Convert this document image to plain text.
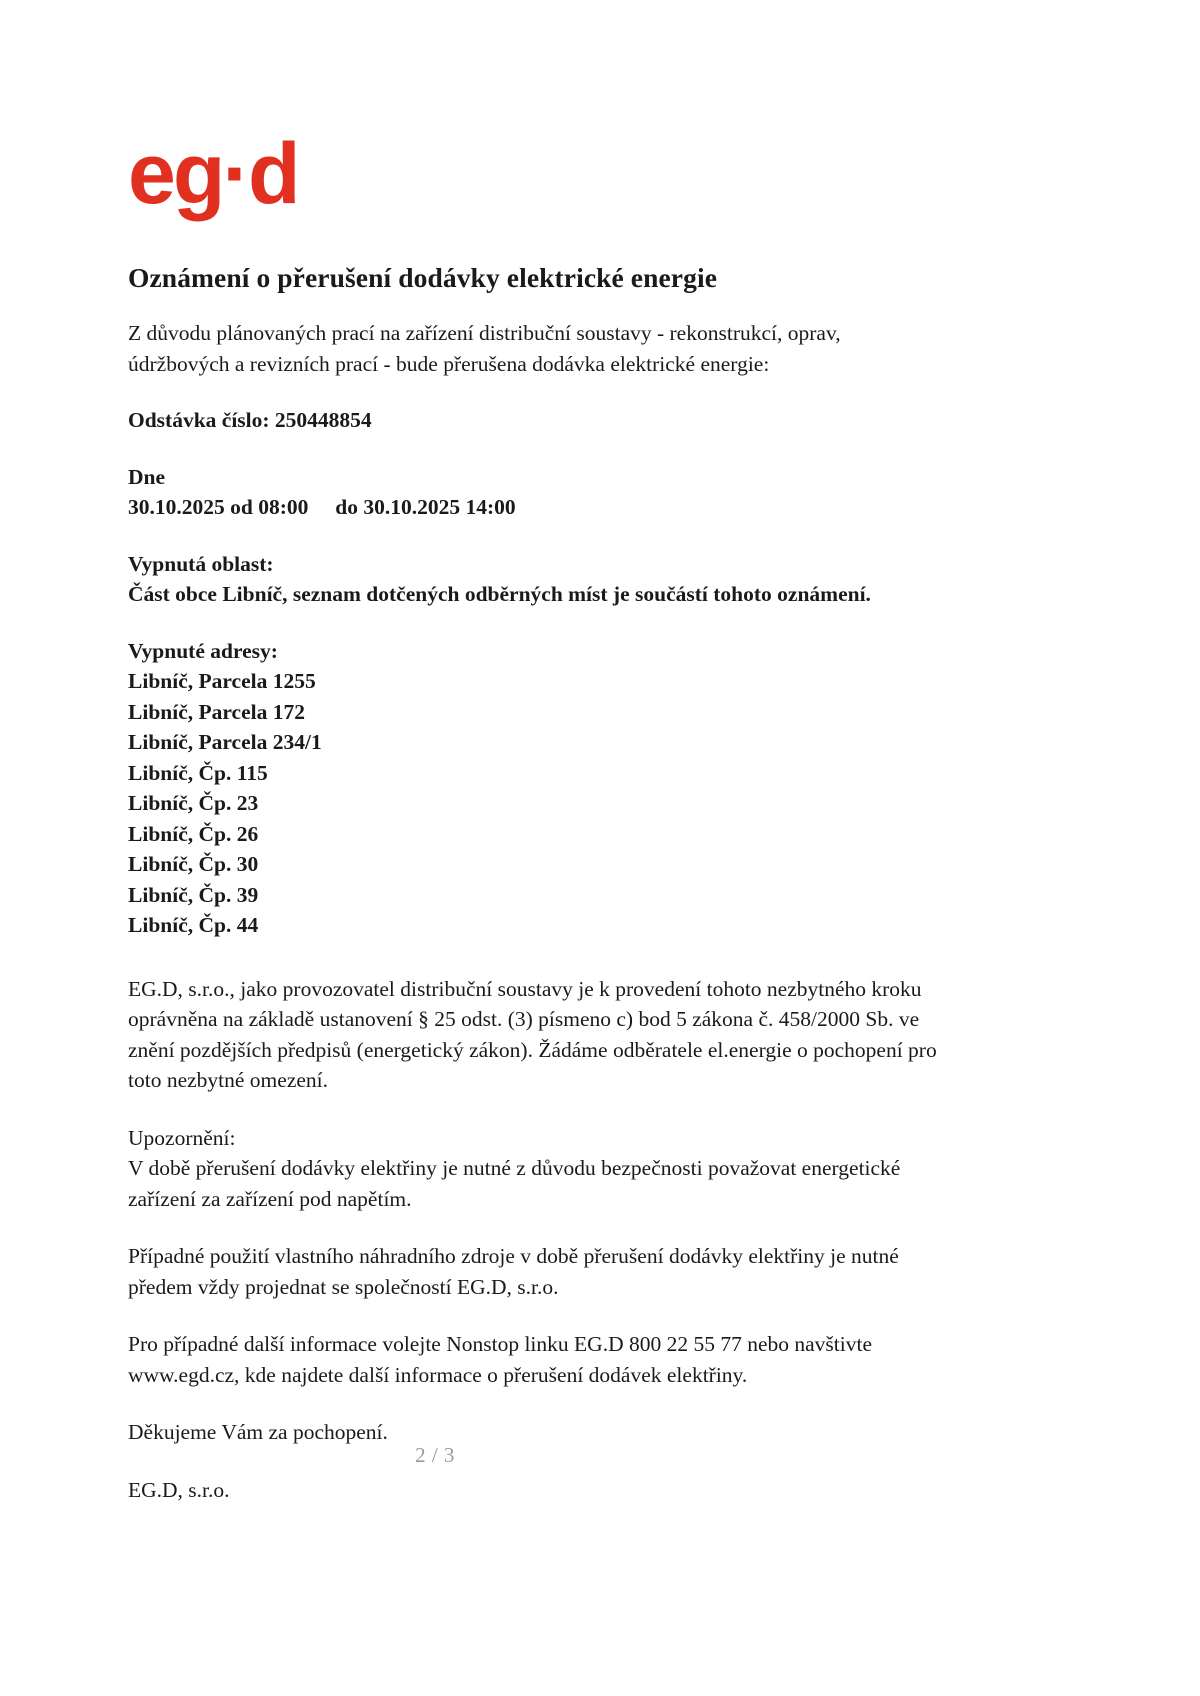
eg·d
Oznámení o přerušení dodávky elektrické energie
Z důvodu plánovaných prací na zařízení distribuční soustavy - rekonstrukcí, oprav,
údržbových a revizních prací - bude přerušena dodávka elektrické energie:
Odstávka číslo: 250448854
Dne
30.10.2025 od 08:00     do 30.10.2025 14:00
Vypnutá oblast:
Část obce Libníč, seznam dotčených odběrných míst je součástí tohoto oznámení.
Vypnuté adresy:
Libníč, Parcela 1255
Libníč, Parcela 172
Libníč, Parcela 234/1
Libníč, Čp. 115
Libníč, Čp. 23
Libníč, Čp. 26
Libníč, Čp. 30
Libníč, Čp. 39
Libníč, Čp. 44

EG.D, s.r.o., jako provozovatel distribuční soustavy je k provedení tohoto nezbytného kroku

oprávněna na základě ustanovení § 25 odst. (3) písmeno c) bod 5 zákona č. 458/2000 Sb. ve

znění pozdějších předpisů (energetický zákon). Žádáme odběratele el.energie o pochopení pro

toto nezbytné omezení.

Upozornění:

V době přerušení dodávky elektřiny je nutné z důvodu bezpečnosti považovat energetické

zařízení za zařízení pod napětím.

Případné použití vlastního náhradního zdroje v době přerušení dodávky elektřiny je nutné

předem vždy projednat se společností EG.D, s.r.o.

Pro případné další informace volejte Nonstop linku EG.D 800 22 55 77 nebo navštivte

www.egd.cz, kde najdete další informace o přerušení dodávek elektřiny.

Děkujeme Vám za pochopení.

EG.D, s.r.o.

2 / 3
